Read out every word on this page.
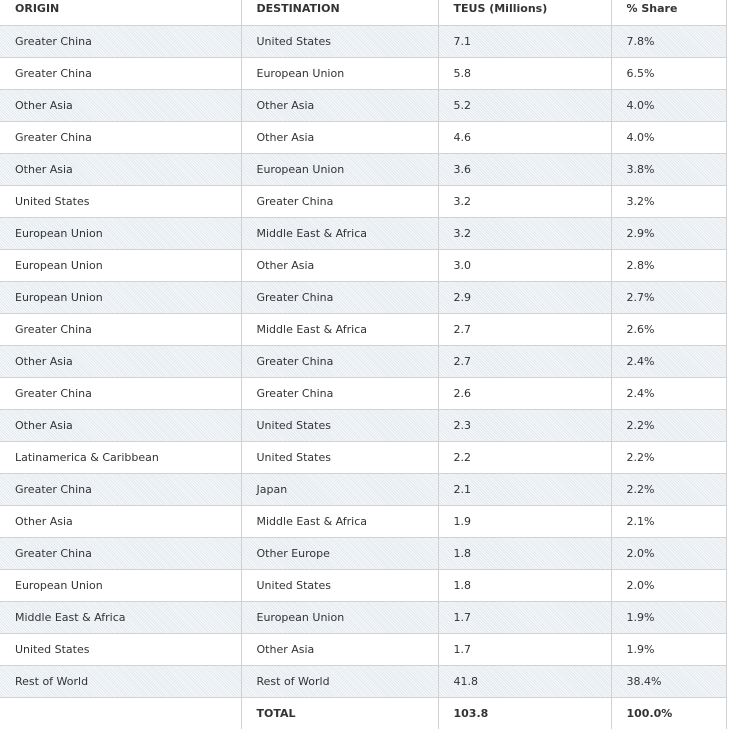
ORIGIN	DESTINATION	TEUS (Millions)	% Share
Greater China	United States	7.1	7.8%
Greater China	European Union	5.8	6.5%
Other Asia	Other Asia	5.2	4.0%
Greater China	Other Asia	4.6	4.0%
Other Asia	European Union	3.6	3.8%
United States	Greater China	3.2	3.2%
European Union	Middle East & Africa	3.2	2.9%
European Union	Other Asia	3.0	2.8%
European Union	Greater China	2.9	2.7%
Greater China	Middle East & Africa	2.7	2.6%
Other Asia	Greater China	2.7	2.4%
Greater China	Greater China	2.6	2.4%
Other Asia	United States	2.3	2.2%
Latinamerica & Caribbean	United States	2.2	2.2%
Greater China	Japan	2.1	2.2%
Other Asia	Middle East & Africa	1.9	2.1%
Greater China	Other Europe	1.8	2.0%
European Union	United States	1.8	2.0%
Middle East & Africa	European Union	1.7	1.9%
United States	Other Asia	1.7	1.9%
Rest of World	Rest of World	41.8	38.4%
	TOTAL	103.8	100.0%
